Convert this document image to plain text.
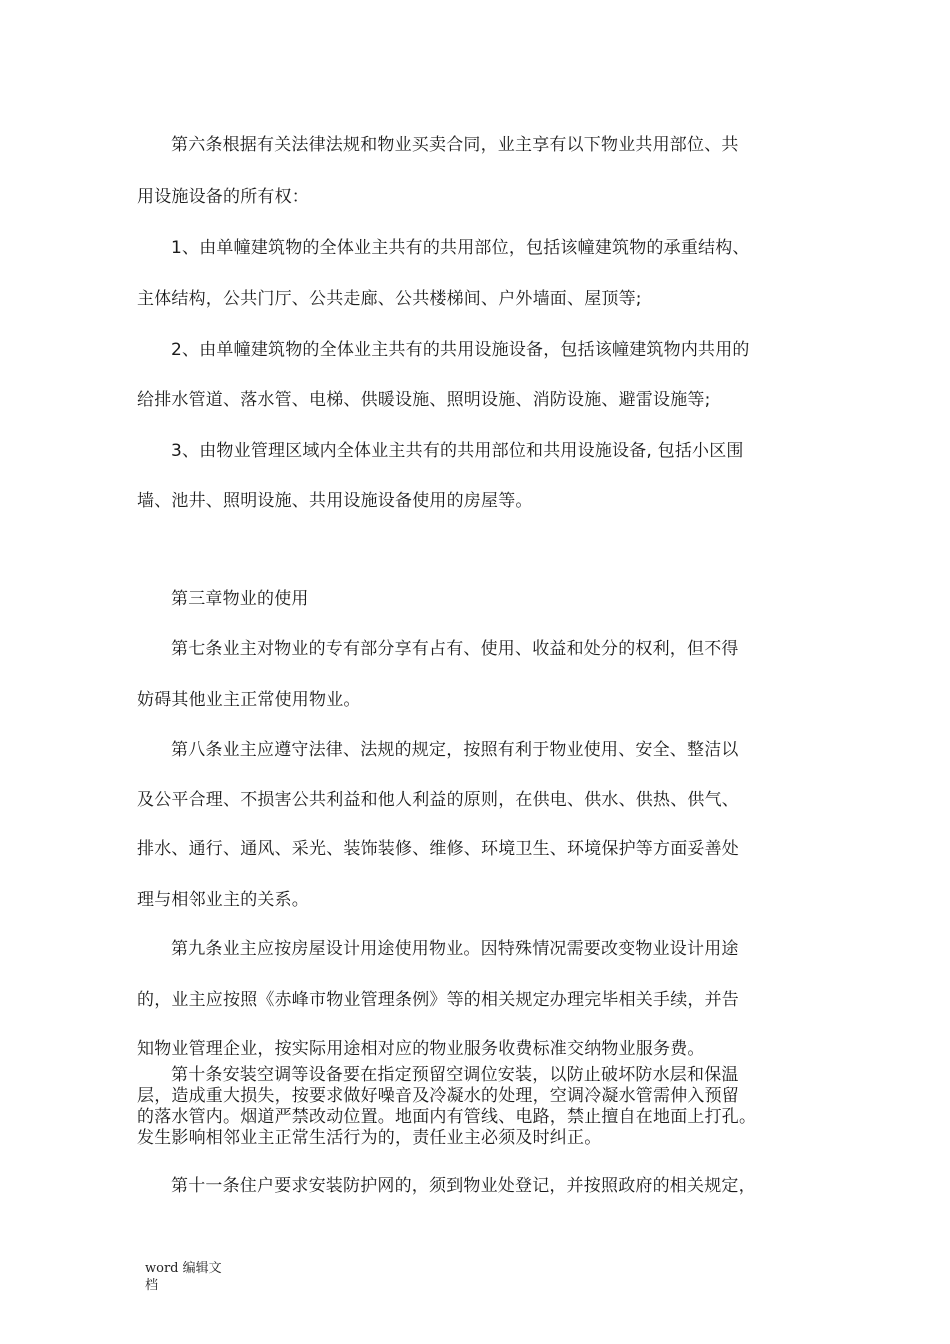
第六条根据有关法律法规和物业买卖合同，业主享有以下物业共用部位、共
用设施设备的所有权：
1、由单幢建筑物的全体业主共有的共用部位，包括该幢建筑物的承重结构、
主体结构，公共门厅、公共走廊、公共楼梯间、户外墙面、屋顶等;
2、由单幢建筑物的全体业主共有的共用设施设备，包括该幢建筑物内共用的
给排水管道、落水管、电梯、供暖设施、照明设施、消防设施、避雷设施等;
3、由物业管理区域内全体业主共有的共用部位和共用设施设备, 包括小区围
墙、池井、照明设施、共用设施设备使用的房屋等。
第三章物业的使用
第七条业主对物业的专有部分享有占有、使用、收益和处分的权利，但不得
妨碍其他业主正常使用物业。
第八条业主应遵守法律、法规的规定，按照有利于物业使用、安全、整洁以
及公平合理、不损害公共利益和他人利益的原则，在供电、供水、供热、供气、
排水、通行、通风、采光、装饰装修、维修、环境卫生、环境保护等方面妥善处
理与相邻业主的关系。
第九条业主应按房屋设计用途使用物业。因特殊情况需要改变物业设计用途
的，业主应按照《赤峰市物业管理条例》等的相关规定办理完毕相关手续，并告
知物业管理企业，按实际用途相对应的物业服务收费标准交纳物业服务费。
第十条安装空调等设备要在指定预留空调位安装，以防止破坏防水层和保温
层，造成重大损失，按要求做好噪音及冷凝水的处理，空调冷凝水管需伸入预留
的落水管内。烟道严禁改动位置。地面内有管线、电路，禁止擅自在地面上打孔。
发生影响相邻业主正常生活行为的，责任业主必须及时纠正。
第十一条住户要求安装防护网的，须到物业处登记，并按照政府的相关规定，
word 编辑文
档
